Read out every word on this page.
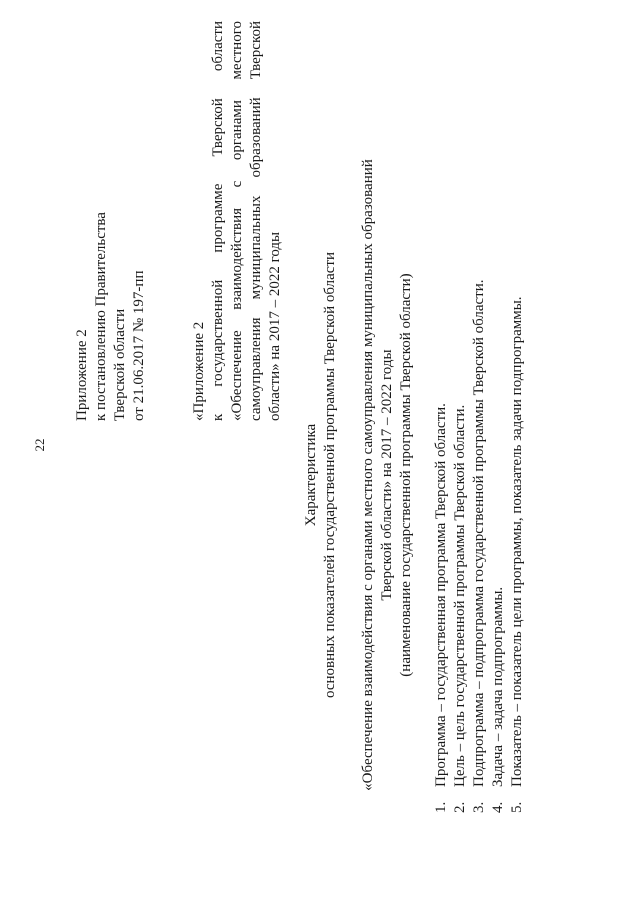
22
Приложение 2 к постановлению Правительства Тверской области от 21.06.2017 № 197-пп	«Приложение 2 к государственной программе Тверской области «Обеспечение взаимодействия с органами местного самоуправления муниципальных образований Тверской области» на 2017 – 2022 годы
Характеристика основных показателей государственной программы Тверской области «Обеспечение взаимодействия с органами местного самоуправления муниципальных образований Тверской области» на 2017 – 2022 годы (наименование государственной программы Тверской области)
1.Программа – государственная программа Тверской области.
2.Цель – цель государственной программы Тверской области.
3.Подпрограмма – подпрограмма государственной программы Тверской области.
4.Задача – задача подпрограммы.
5.Показатель – показатель цели программы, показатель задачи подпрограммы.
